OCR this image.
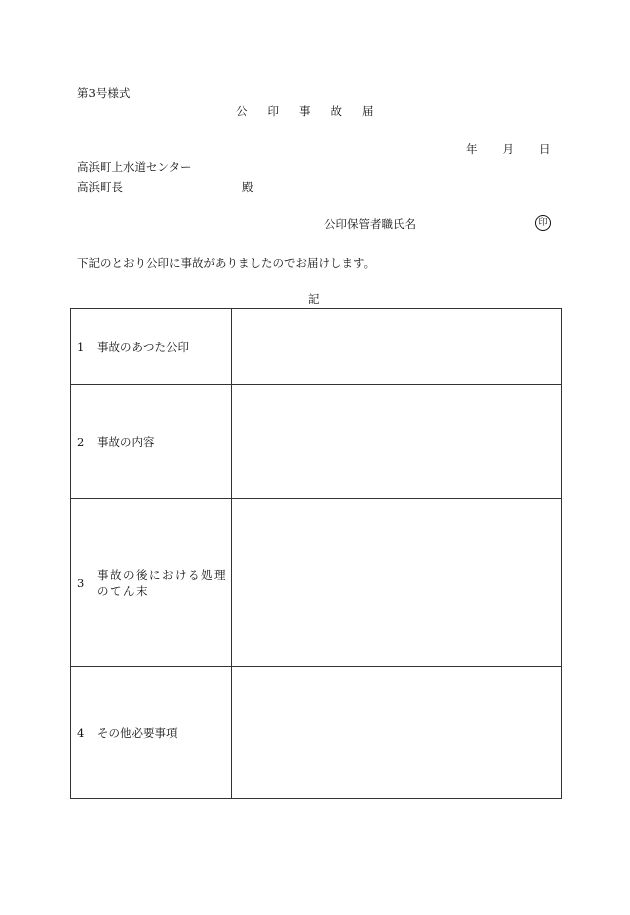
第3号様式
公 印 事 故 届
年 月 日
高浜町上水道センター
高浜町長	殿
公印保管者職氏名	印
下記のとおり公印に事故がありましたのでお届けします。
記
1 事故のあつた公印	
2 事故の内容	
3事故の後における処理のてん末	
4 その他必要事項	
